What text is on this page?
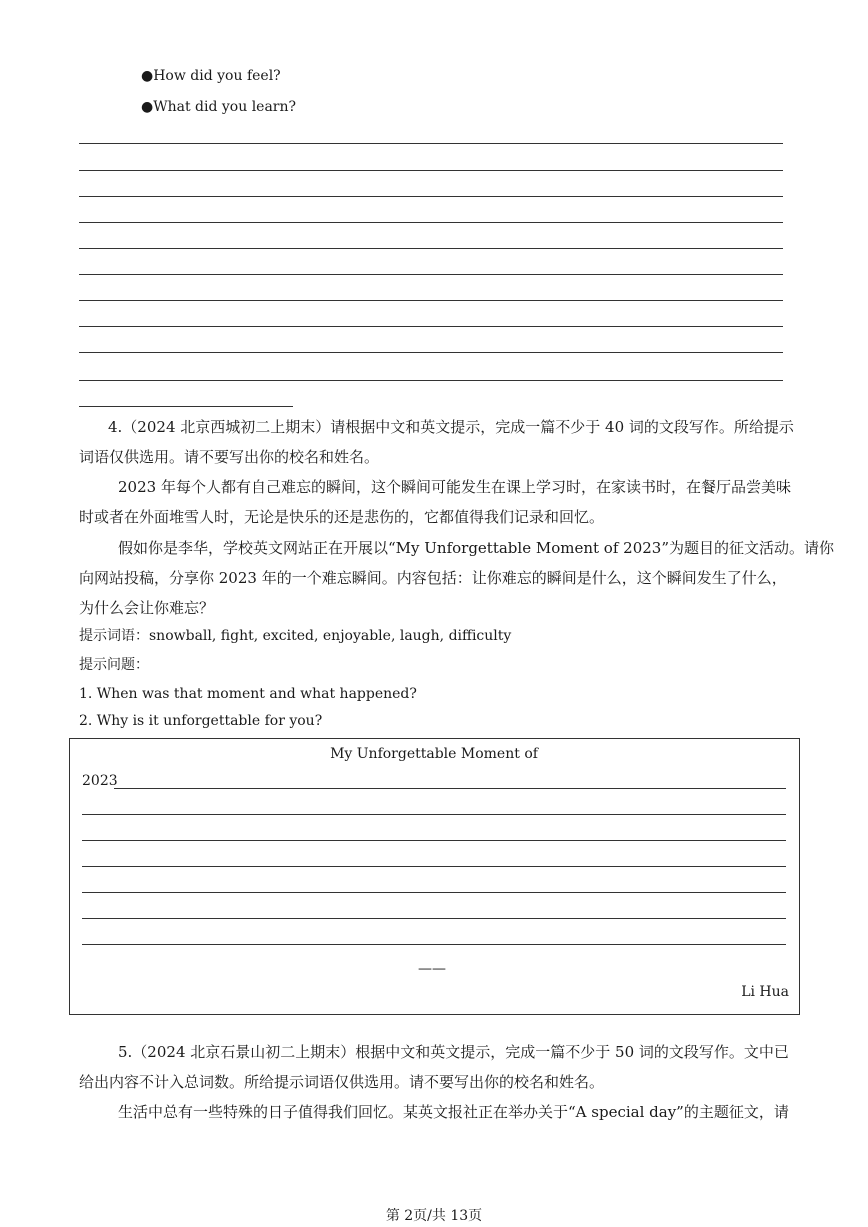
●How did you feel?
●What did you learn?
4.（2024 北京西城初二上期末）请根据中文和英文提示，完成一篇不少于 40 词的文段写作。所给提示
词语仅供选用。请不要写出你的校名和姓名。
2023 年每个人都有自己难忘的瞬间，这个瞬间可能发生在课上学习时，在家读书时，在餐厅品尝美味
时或者在外面堆雪人时，无论是快乐的还是悲伤的，它都值得我们记录和回忆。
假如你是李华，学校英文网站正在开展以“My Unforgettable Moment of 2023”为题目的征文活动。请你
向网站投稿，分享你 2023 年的一个难忘瞬间。内容包括：让你难忘的瞬间是什么，这个瞬间发生了什么，
为什么会让你难忘？
提示词语：snowball, fight, excited, enjoyable, laugh, difficulty
提示问题：
1. When was that moment and what happened?
2. Why is it unforgettable for you?
My Unforgettable Moment of
2023
——
Li Hua
5.（2024 北京石景山初二上期末）根据中文和英文提示，完成一篇不少于 50 词的文段写作。文中已
给出内容不计入总词数。所给提示词语仅供选用。请不要写出你的校名和姓名。
生活中总有一些特殊的日子值得我们回忆。某英文报社正在举办关于“A special day”的主题征文，请
第 2页/共 13页
